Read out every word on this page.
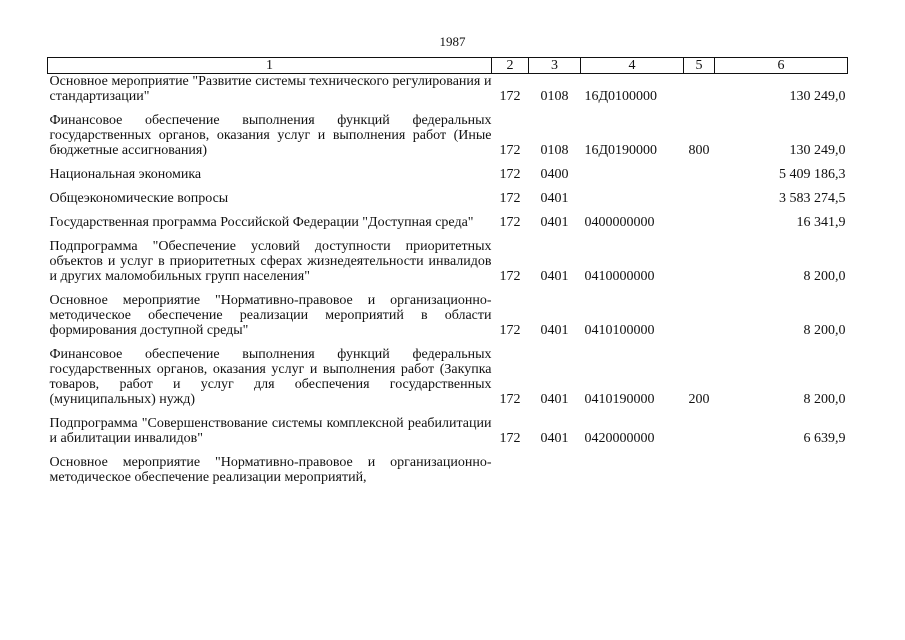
1987
1	2	3	4	5	6
Основное мероприятие "Развитие системы технического регулирования и стандартизации"	172	0108	16Д0100000		130 249,0
Финансовое обеспечение выполнения функций федеральных государственных органов, оказания услуг и выполнения работ (Иные бюджетные ассигнования)	172	0108	16Д0190000	800	130 249,0
Национальная экономика	172	0400			5 409 186,3
Общеэкономические вопросы	172	0401			3 583 274,5
Государственная программа Российской Федерации "Доступная среда"	172	0401	0400000000		16 341,9
Подпрограмма "Обеспечение условий доступности приоритетных объектов и услуг в приоритетных сферах жизнедеятельности инвалидов и других маломобильных групп населения"	172	0401	0410000000		8 200,0
Основное мероприятие "Нормативно-правовое и организационно-методическое обеспечение реализации мероприятий в области формирования доступной среды"	172	0401	0410100000		8 200,0
Финансовое обеспечение выполнения функций федеральных государственных органов, оказания услуг и выполнения работ (Закупка товаров, работ и услуг для обеспечения государственных (муниципальных) нужд)	172	0401	0410190000	200	8 200,0
Подпрограмма "Совершенствование системы комплексной реабилитации и абилитации инвалидов"	172	0401	0420000000		6 639,9
Основное мероприятие "Нормативно-правовое и организационно-методическое обеспечение реализации мероприятий,					
